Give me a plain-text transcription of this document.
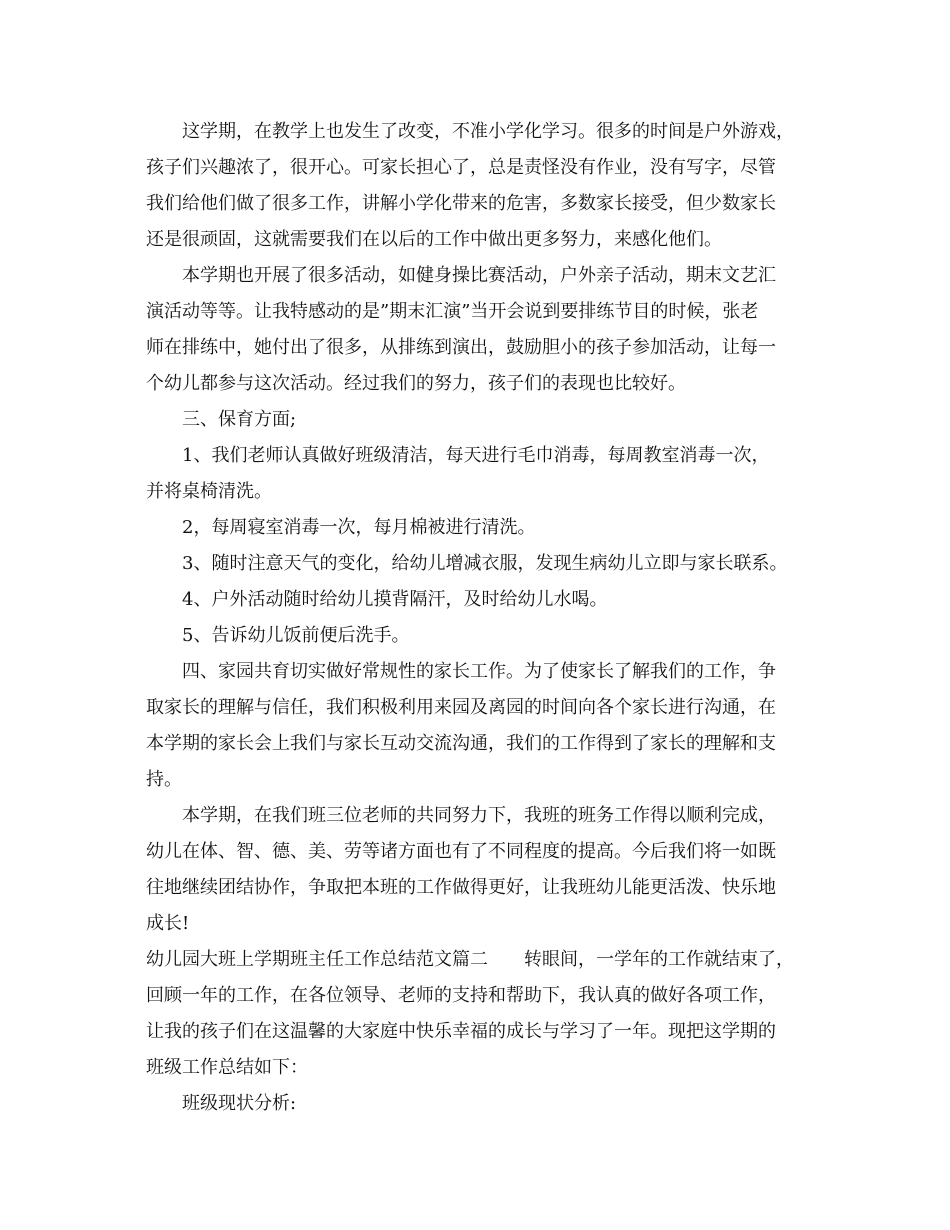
这学期，在教学上也发生了改变，不准小学化学习。很多的时间是户外游戏，
孩子们兴趣浓了，很开心。可家长担心了，总是责怪没有作业，没有写字，尽管
我们给他们做了很多工作，讲解小学化带来的危害，多数家长接受，但少数家长
还是很顽固，这就需要我们在以后的工作中做出更多努力，来感化他们。
本学期也开展了很多活动，如健身操比赛活动，户外亲子活动，期末文艺汇
演活动等等。让我特感动的是”期末汇演”当开会说到要排练节目的时候，张老
师在排练中，她付出了很多，从排练到演出，鼓励胆小的孩子参加活动，让每一
个幼儿都参与这次活动。经过我们的努力，孩子们的表现也比较好。
三、保育方面;
1、我们老师认真做好班级清洁，每天进行毛巾消毒，每周教室消毒一次，
并将桌椅清洗。
2，每周寝室消毒一次，每月棉被进行清洗。
3、随时注意天气的变化，给幼儿增减衣服，发现生病幼儿立即与家长联系。
4、户外活动随时给幼儿摸背隔汗，及时给幼儿水喝。
5、告诉幼儿饭前便后洗手。
四、家园共育切实做好常规性的家长工作。为了使家长了解我们的工作，争
取家长的理解与信任，我们积极利用来园及离园的时间向各个家长进行沟通，在
本学期的家长会上我们与家长互动交流沟通，我们的工作得到了家长的理解和支
持。
本学期，在我们班三位老师的共同努力下，我班的班务工作得以顺利完成，
幼儿在体、智、德、美、劳等诸方面也有了不同程度的提高。今后我们将一如既
往地继续团结协作，争取把本班的工作做得更好，让我班幼儿能更活泼、快乐地
成长!
幼儿园大班上学期班主任工作总结范文篇二　　转眼间，一学年的工作就结束了，
回顾一年的工作，在各位领导、老师的支持和帮助下，我认真的做好各项工作，
让我的孩子们在这温馨的大家庭中快乐幸福的成长与学习了一年。现把这学期的
班级工作总结如下：
班级现状分析:
